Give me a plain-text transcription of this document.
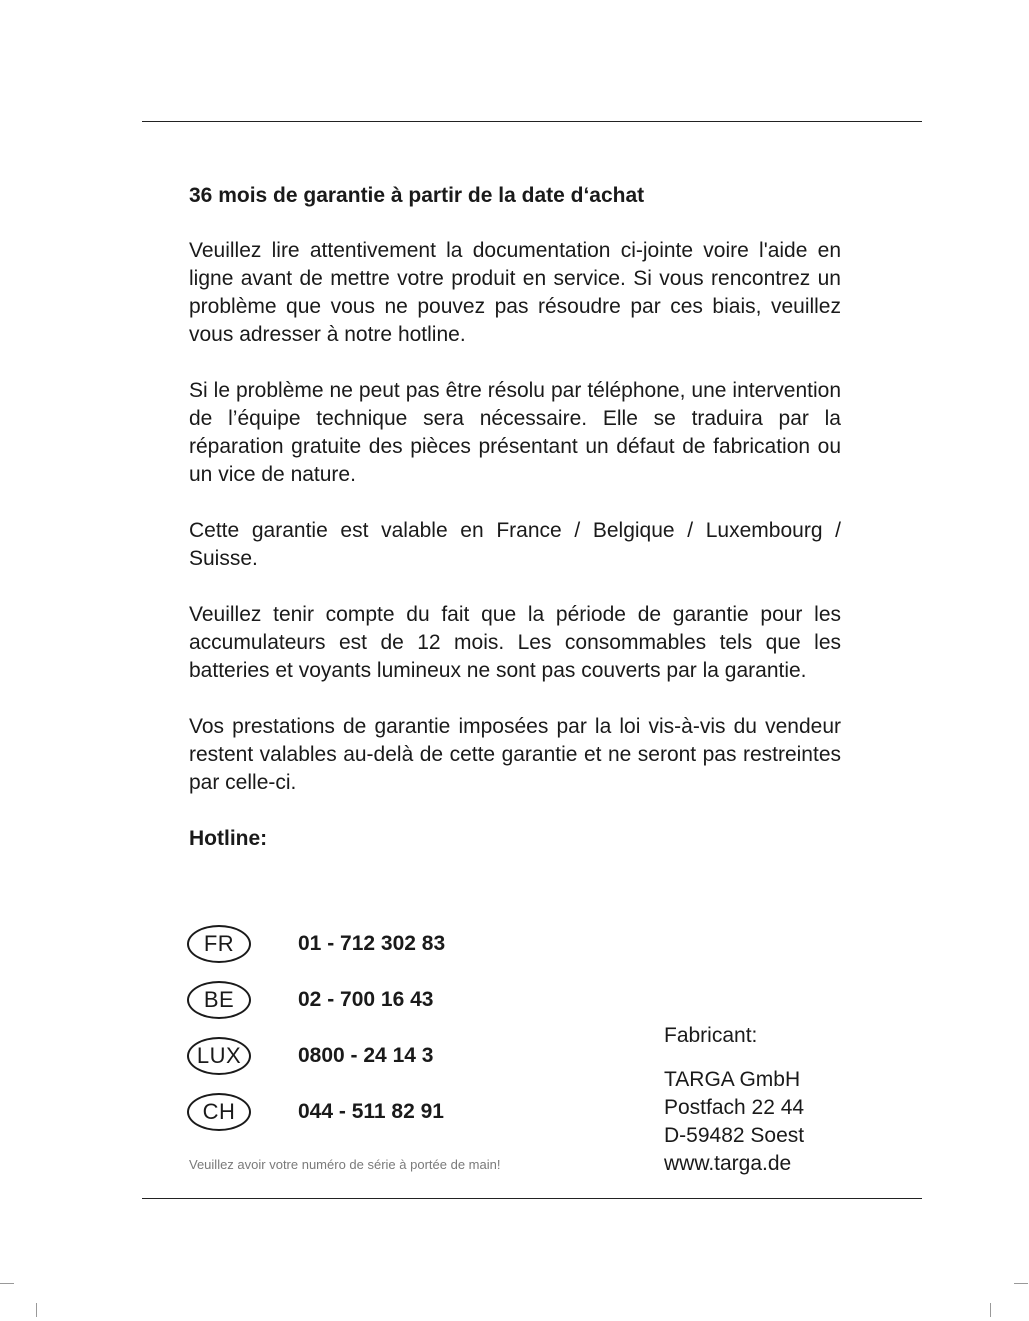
36 mois de garantie à partir de la date d‘achat

Veuillez lire attentivement la documentation ci-jointe voire l'aide en ligne avant de mettre votre produit en service. Si vous rencontrez un problème que vous ne pouvez pas résoudre par ces biais, veuillez vous adresser à notre hotline.

Si le problème ne peut pas être résolu par téléphone, une intervention de l’équipe technique sera nécessaire. Elle se traduira par la réparation gratuite des pièces présentant un défaut de fabrication ou un vice de nature.

Cette garantie est valable en France / Belgique / Luxembourg / Suisse.

Veuillez tenir compte du fait que la période de garantie pour les accumulateurs est de 12 mois. Les consommables tels que les batteries et voyants lumineux ne sont pas couverts par la garantie.

Vos prestations de garantie imposées par la loi vis-à-vis du vendeur restent valables au-delà de cette garantie et ne seront pas restreintes par celle-ci.

Hotline:

FR	01 - 712 302 83
BE	02 - 700 16 43
LUX	0800 - 24 14 3
CH	044 - 511 82 91
Veuillez avoir votre numéro de série à portée de main!
Fabricant:
TARGA GmbH
Postfach 22 44
D-59482 Soest
www.targa.de
